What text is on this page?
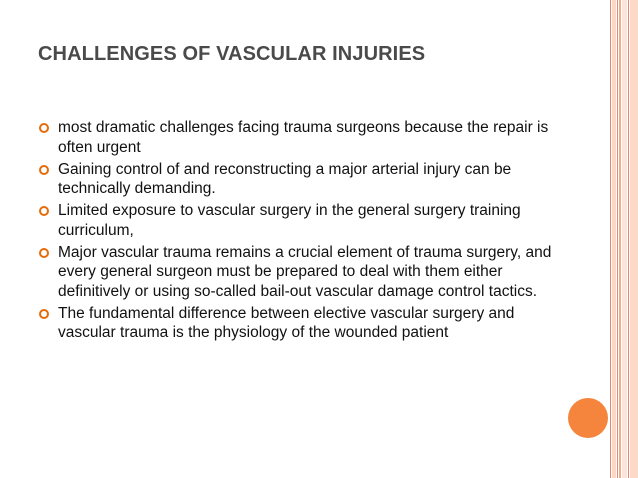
CHALLENGES OF VASCULAR INJURIES
most dramatic challenges facing trauma surgeons because the repair is often urgent
Gaining control of and reconstructing a major arterial injury can be technically demanding.
Limited exposure to vascular surgery in the general surgery training curriculum,
Major vascular trauma remains a crucial element of trauma surgery, and every general surgeon must be prepared to deal with them either definitively or using so-called bail-out vascular damage control tactics.
The fundamental difference between elective vascular surgery and vascular trauma is the physiology of the wounded patient
